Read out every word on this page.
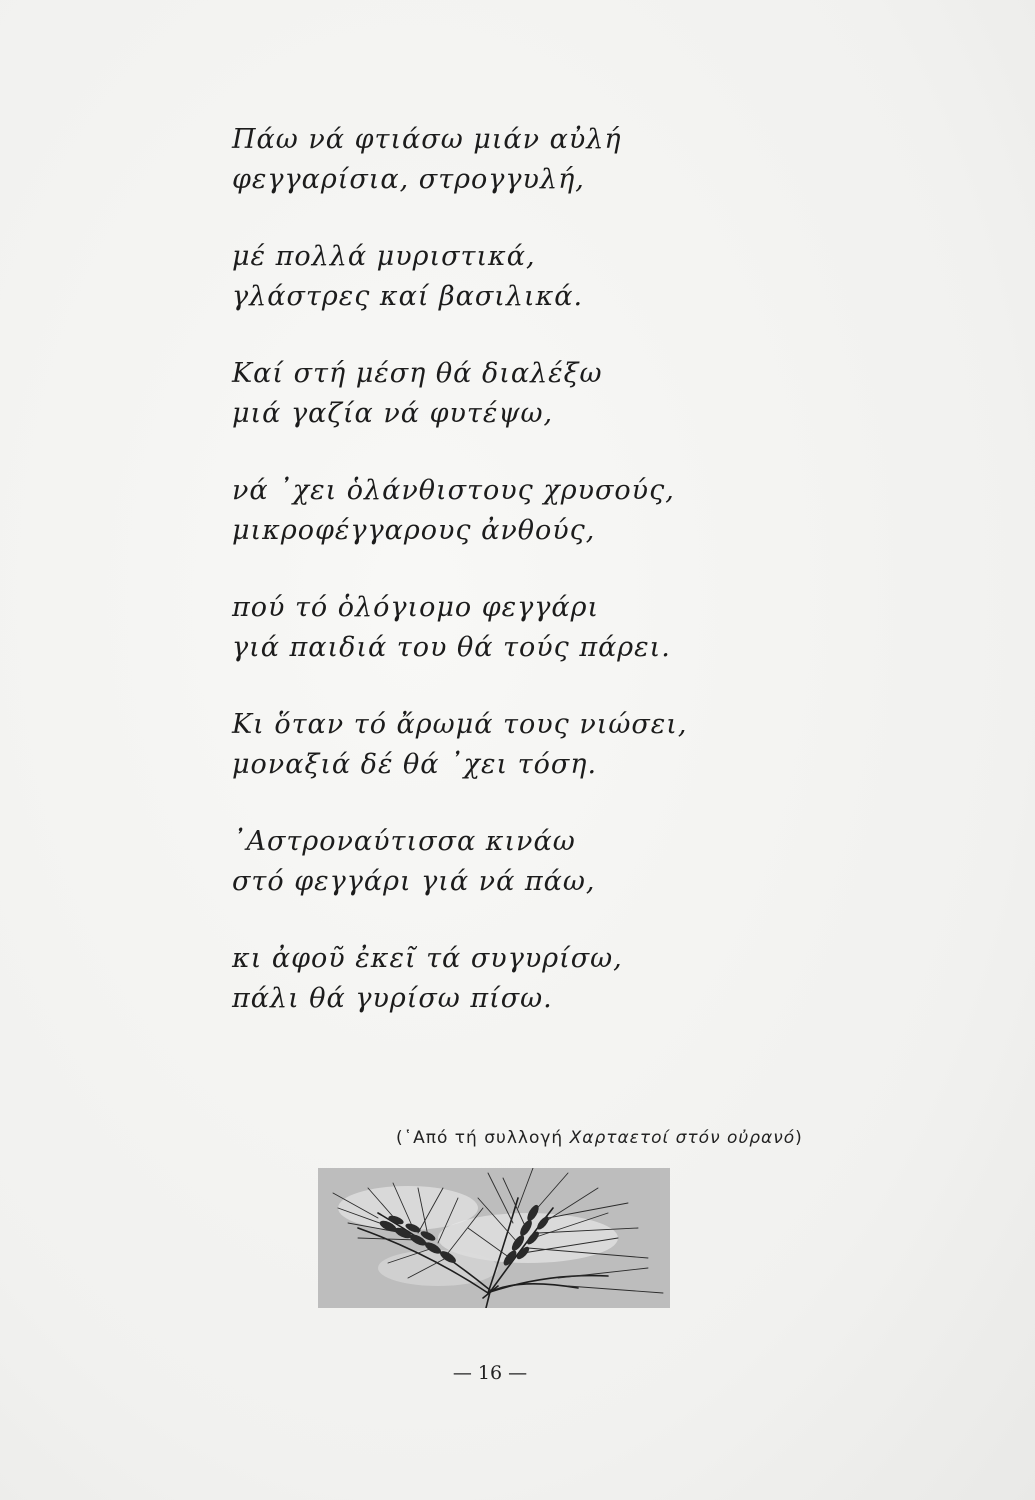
Πάω νά φτιάσω μιάν αὐλή
φεγγαρίσια, στρογγυλή,
μέ πολλά μυριστικά,
γλάστρες καί βασιλικά.
Καί στή μέση θά διαλέξω
μιά γαζία νά φυτέψω,
νά ᾿χει ὁλάνθιστους χρυσούς,
μικροφέγγαρους ἀνθούς,
πού τό ὁλόγιομο φεγγάρι
γιά παιδιά του θά τούς πάρει.
Κι ὅταν τό ἄρωμά τους νιώσει,
μοναξιά δέ θά ᾿χει τόση.
᾿Αστροναύτισσα κινάω
στό φεγγάρι γιά νά πάω,
κι ἀφοῦ ἐκεῖ τά συγυρίσω,
πάλι θά γυρίσω πίσω.
(῾Από τή συλλογή Χαρταετοί στόν οὐρανό)
— 16 —
